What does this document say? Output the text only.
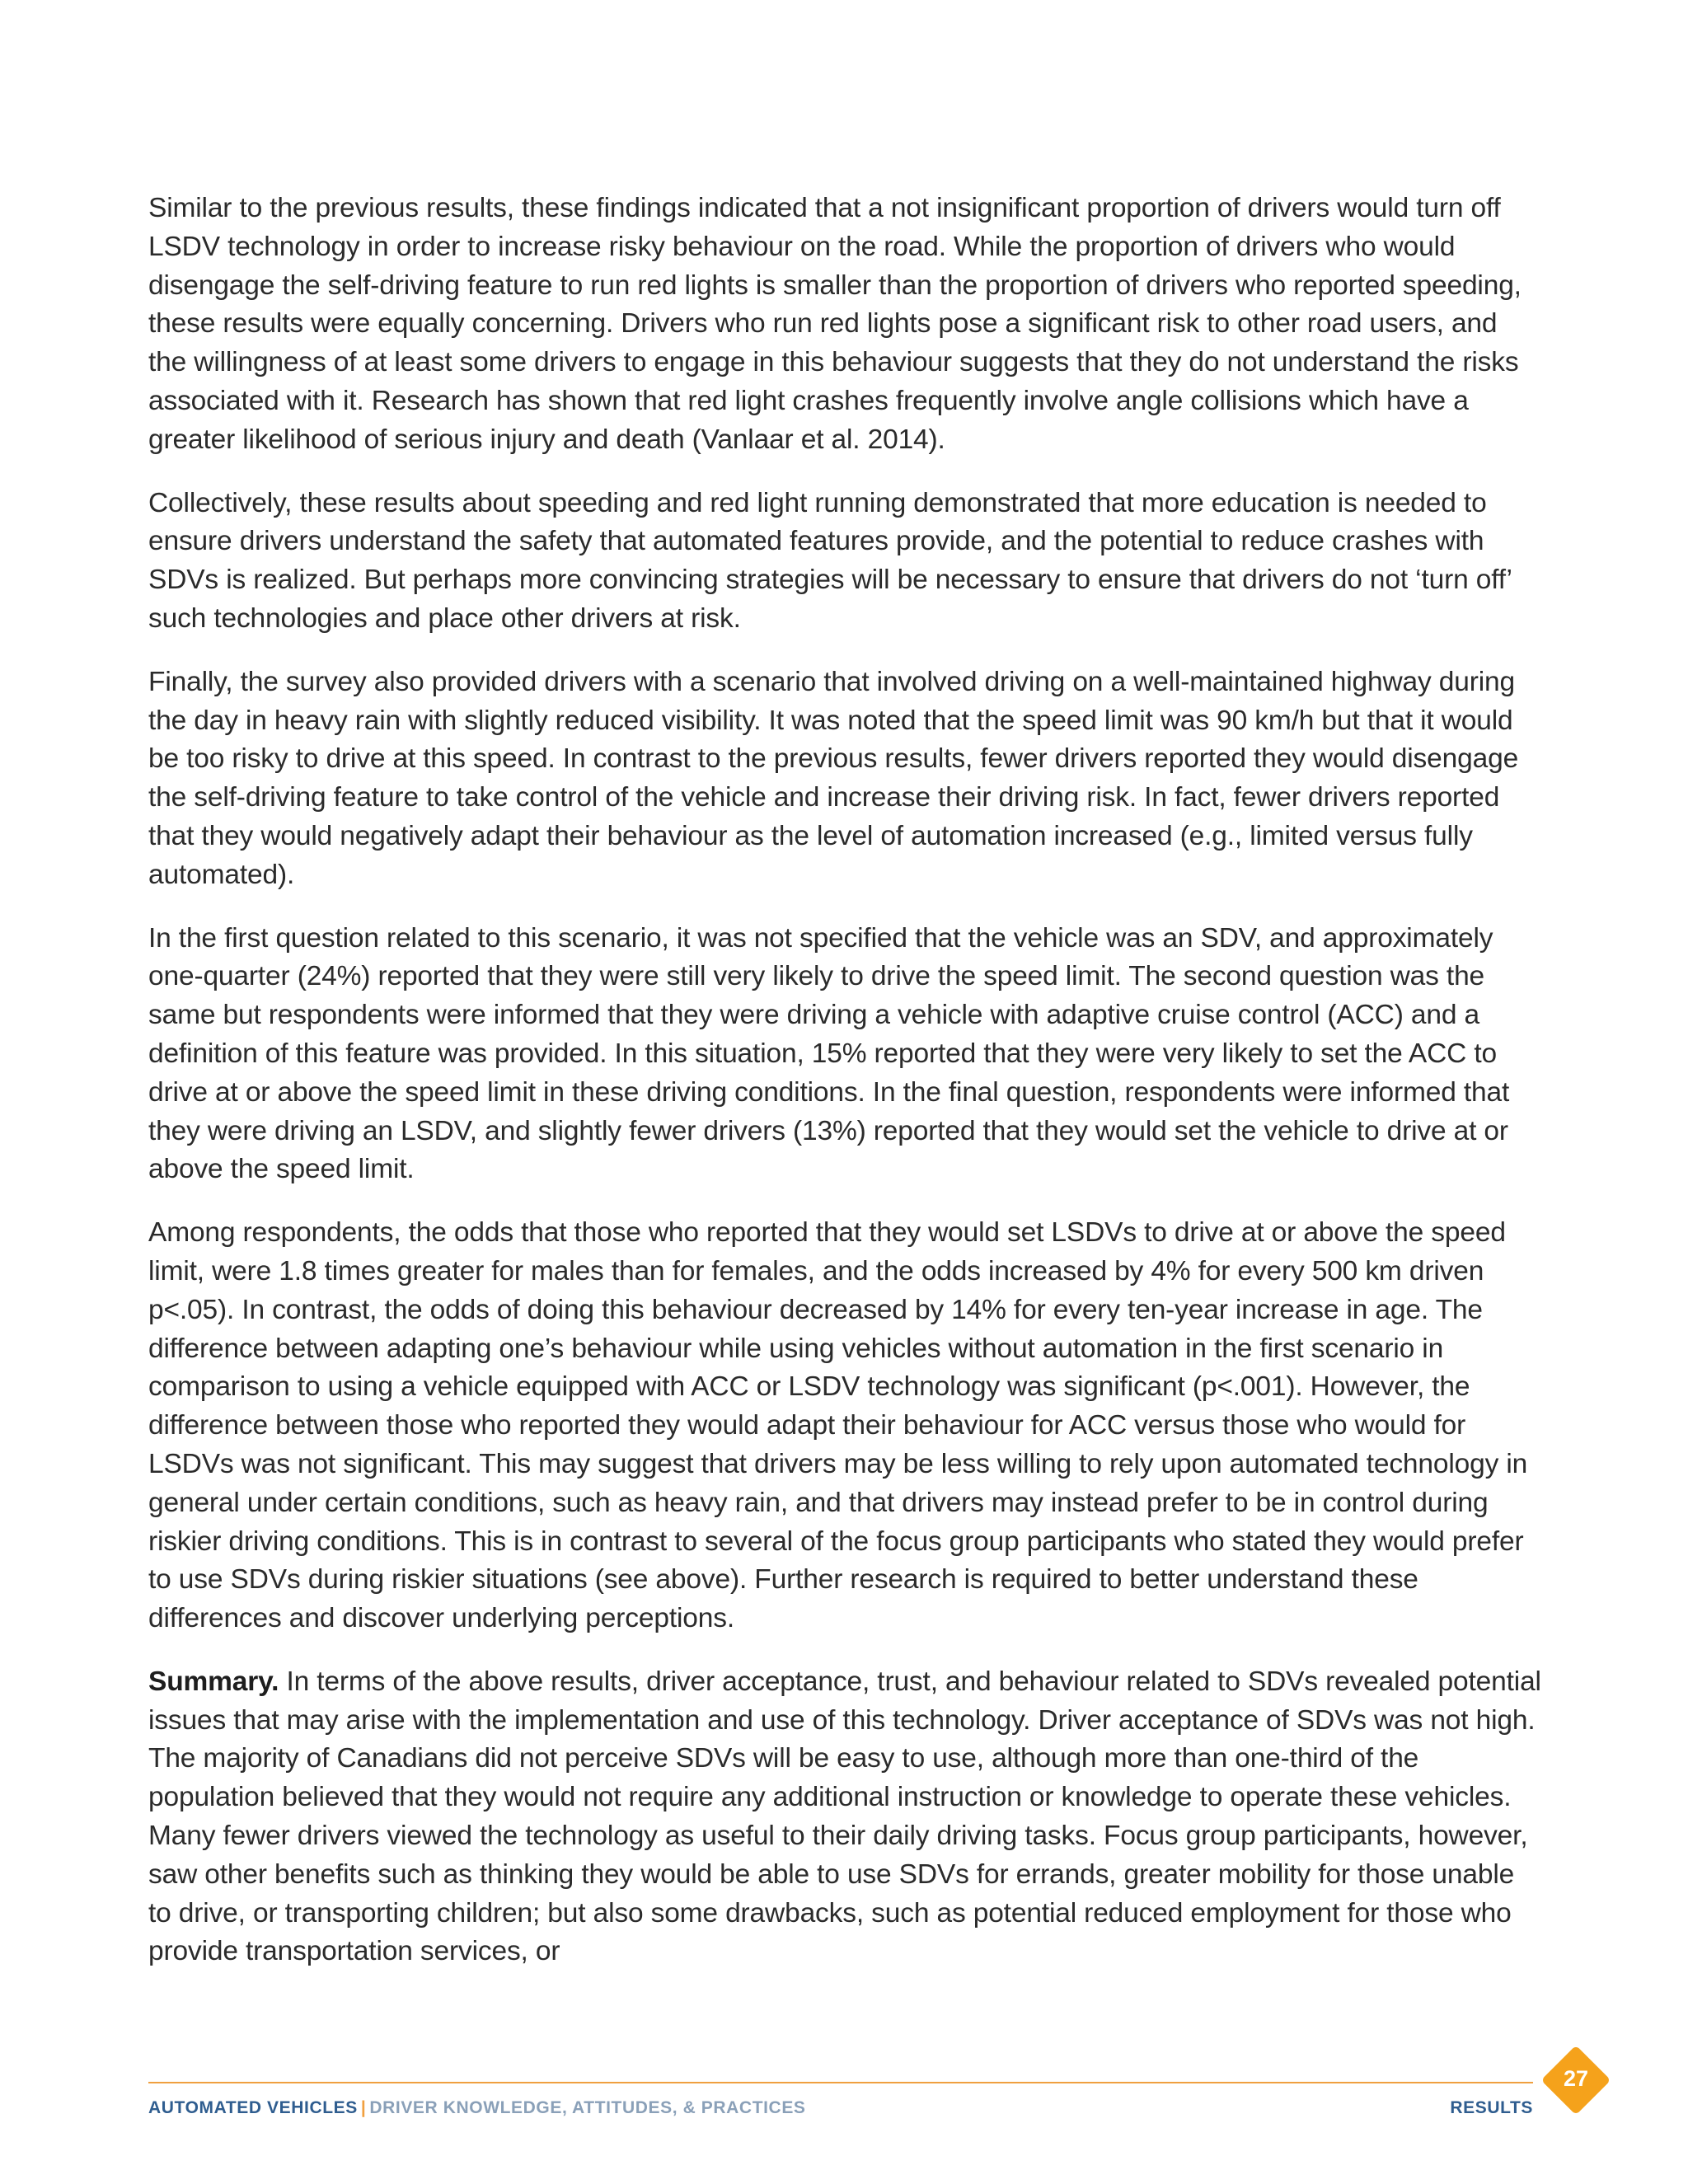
Similar to the previous results, these findings indicated that a not insignificant proportion of drivers would turn off LSDV technology in order to increase risky behaviour on the road. While the proportion of drivers who would disengage the self-driving feature to run red lights is smaller than the proportion of drivers who reported speeding, these results were equally concerning. Drivers who run red lights pose a significant risk to other road users, and the willingness of at least some drivers to engage in this behaviour suggests that they do not understand the risks associated with it. Research has shown that red light crashes frequently involve angle collisions which have a greater likelihood of serious injury and death (Vanlaar et al. 2014).

Collectively, these results about speeding and red light running demonstrated that more education is needed to ensure drivers understand the safety that automated features provide, and the potential to reduce crashes with SDVs is realized. But perhaps more convincing strategies will be necessary to ensure that drivers do not ‘turn off’ such technologies and place other drivers at risk.

Finally, the survey also provided drivers with a scenario that involved driving on a well-maintained highway during the day in heavy rain with slightly reduced visibility. It was noted that the speed limit was 90 km/h but that it would be too risky to drive at this speed. In contrast to the previous results, fewer drivers reported they would disengage the self-driving feature to take control of the vehicle and increase their driving risk. In fact, fewer drivers reported that they would negatively adapt their behaviour as the level of automation increased (e.g., limited versus fully automated).

In the first question related to this scenario, it was not specified that the vehicle was an SDV, and approximately one-quarter (24%) reported that they were still very likely to drive the speed limit. The second question was the same but respondents were informed that they were driving a vehicle with adaptive cruise control (ACC) and a definition of this feature was provided. In this situation, 15% reported that they were very likely to set the ACC to drive at or above the speed limit in these driving conditions. In the final question, respondents were informed that they were driving an LSDV, and slightly fewer drivers (13%) reported that they would set the vehicle to drive at or above the speed limit.

Among respondents, the odds that those who reported that they would set LSDVs to drive at or above the speed limit, were 1.8 times greater for males than for females, and the odds increased by 4% for every 500 km driven p<.05). In contrast, the odds of doing this behaviour decreased by 14% for every ten-year increase in age. The difference between adapting one’s behaviour while using vehicles without automation in the first scenario in comparison to using a vehicle equipped with ACC or LSDV technology was significant (p<.001). However, the difference between those who reported they would adapt their behaviour for ACC versus those who would for LSDVs was not significant. This may suggest that drivers may be less willing to rely upon automated technology in general under certain conditions, such as heavy rain, and that drivers may instead prefer to be in control during riskier driving conditions. This is in contrast to several of the focus group participants who stated they would prefer to use SDVs during riskier situations (see above). Further research is required to better understand these differences and discover underlying perceptions.

Summary. In terms of the above results, driver acceptance, trust, and behaviour related to SDVs revealed potential issues that may arise with the implementation and use of this technology. Driver acceptance of SDVs was not high. The majority of Canadians did not perceive SDVs will be easy to use, although more than one-third of the population believed that they would not require any additional instruction or knowledge to operate these vehicles. Many fewer drivers viewed the technology as useful to their daily driving tasks. Focus group participants, however, saw other benefits such as thinking they would be able to use SDVs for errands, greater mobility for those unable to drive, or transporting children; but also some drawbacks, such as potential reduced employment for those who provide transportation services, or

AUTOMATED VEHICLES | DRIVER KNOWLEDGE, ATTITUDES, & PRACTICES	RESULTS
27
